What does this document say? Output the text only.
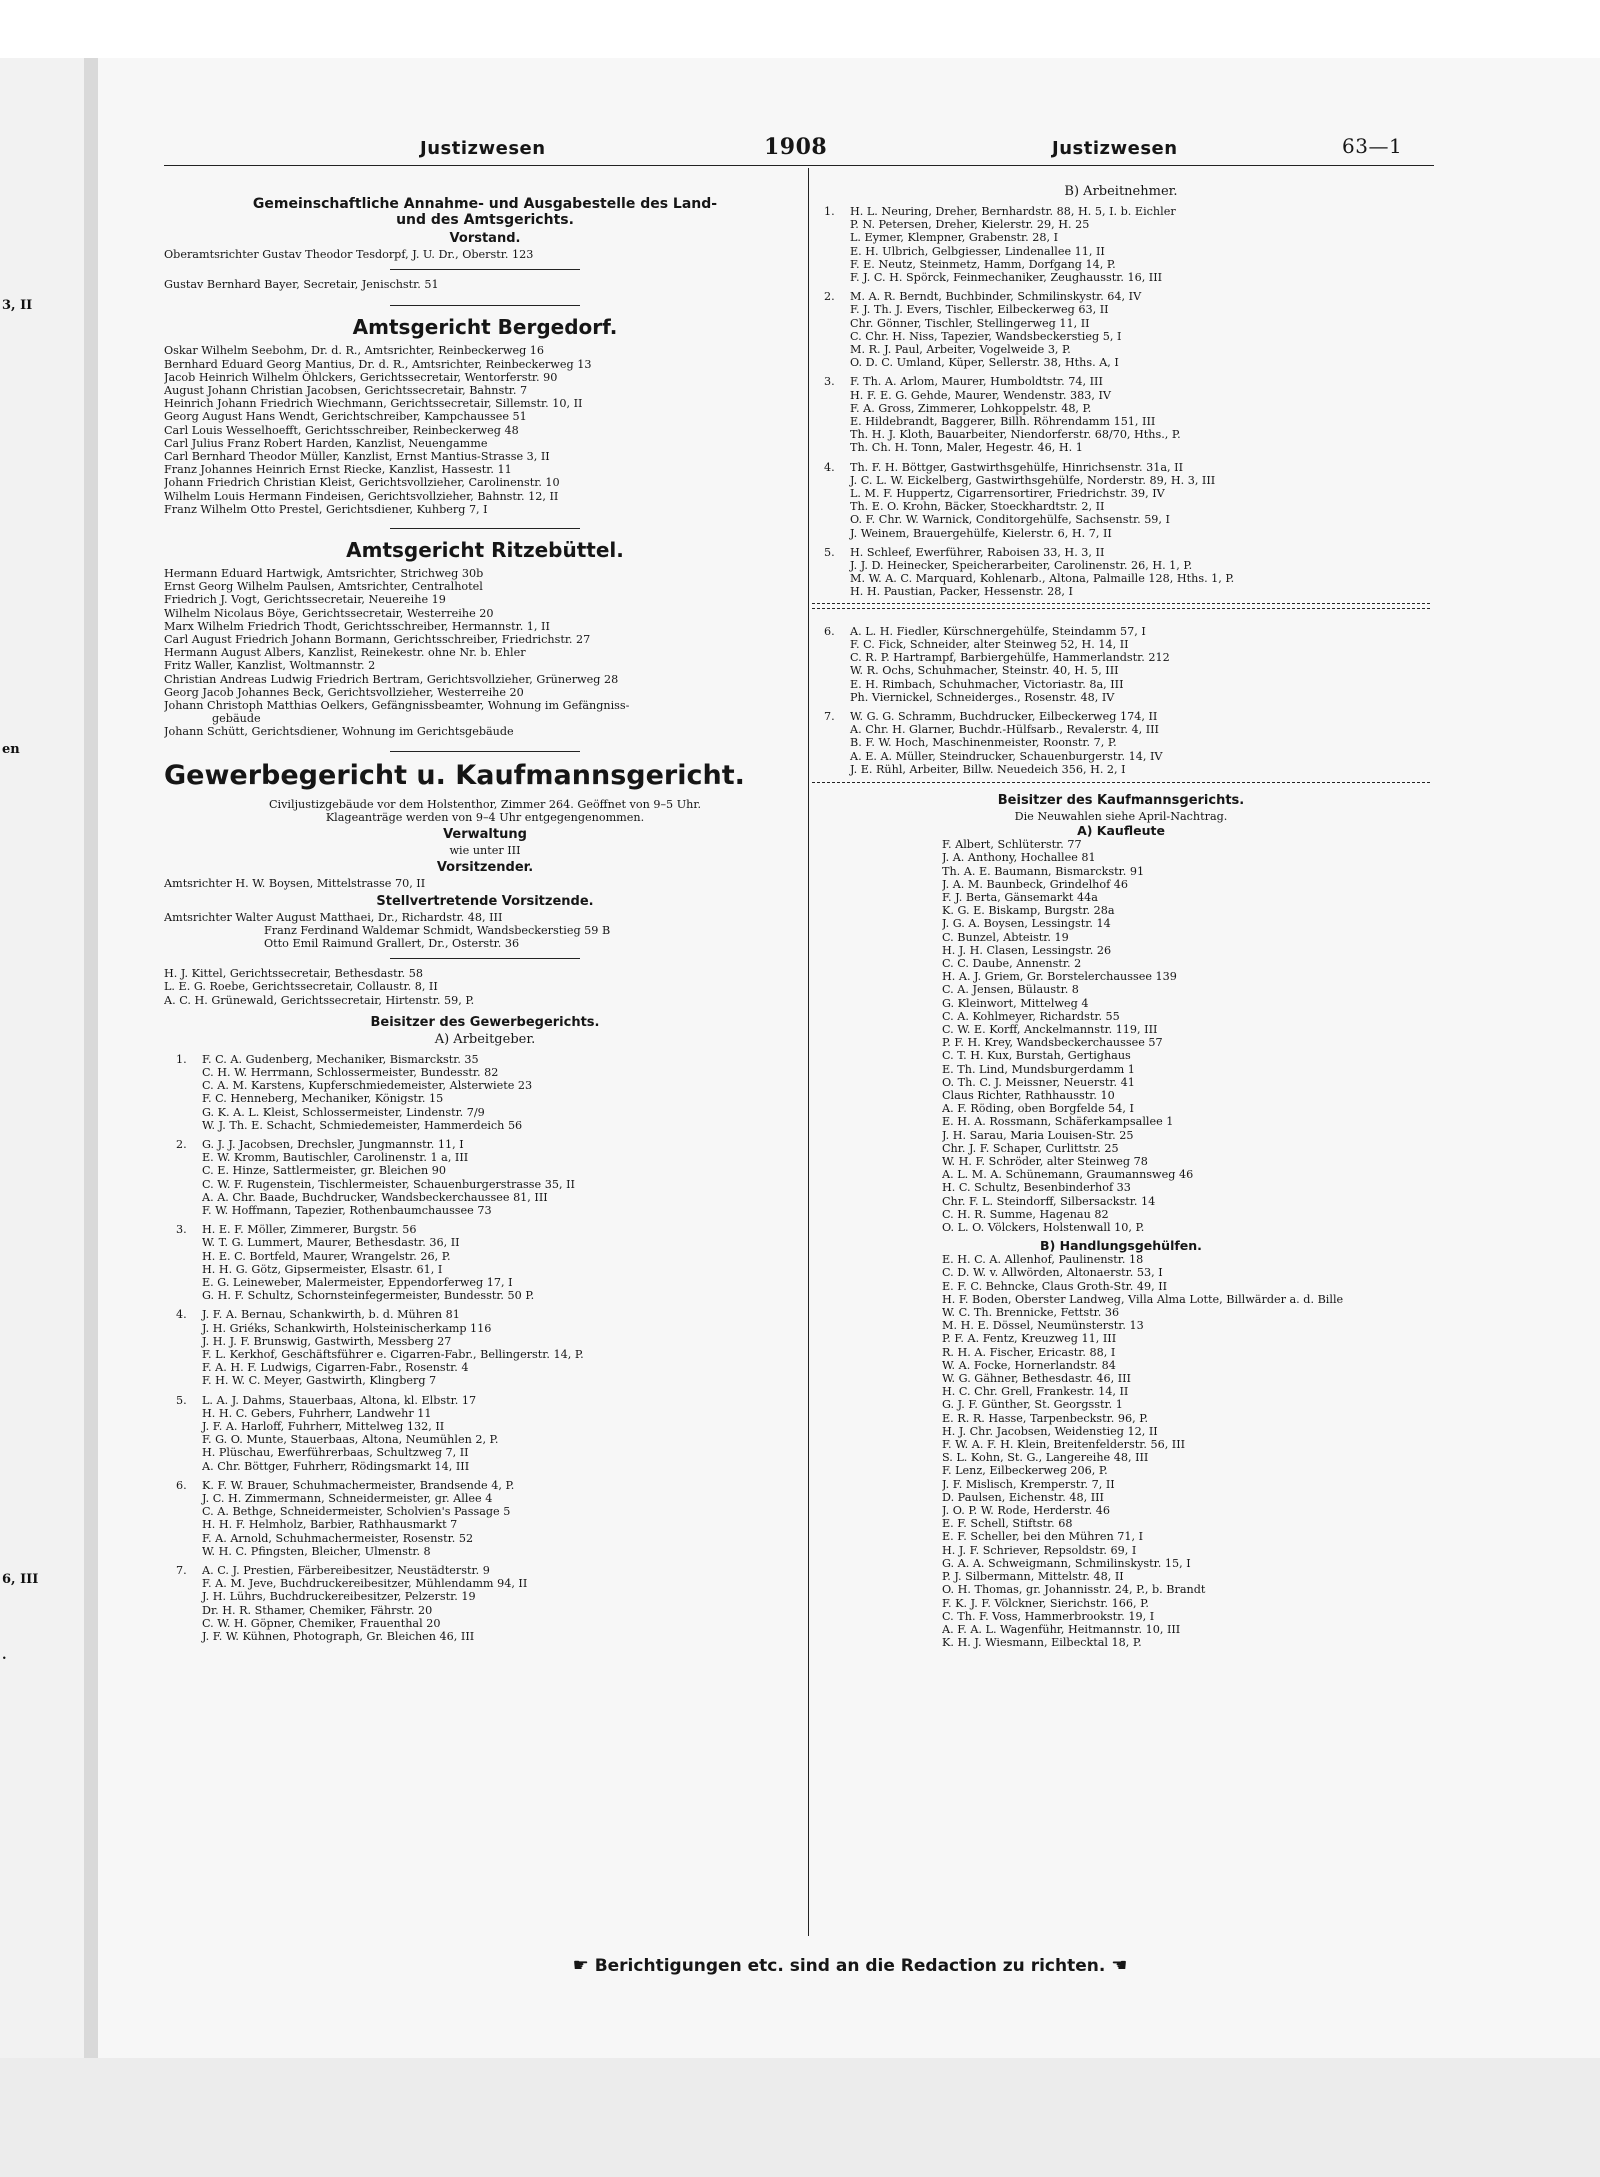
3, II
en
6, III
.
Justizwesen	1908	Justizwesen	63—1
Gemeinschaftliche Annahme- und Ausgabestelle des Land-
und des Amtsgerichts.
Vorstand.
Oberamtsrichter Gustav Theodor Tesdorpf, J. U. Dr., Oberstr. 123
Gustav Bernhard Bayer, Secretair, Jenischstr. 51
Amtsgericht Bergedorf.
Oskar Wilhelm Seebohm, Dr. d. R., Amtsrichter, Reinbeckerweg 16
Bernhard Eduard Georg Mantius, Dr. d. R., Amtsrichter, Reinbeckerweg 13
Jacob Heinrich Wilhelm Öhlckers, Gerichtssecretair, Wentorferstr. 90
August Johann Christian Jacobsen, Gerichtssecretair, Bahnstr. 7
Heinrich Johann Friedrich Wiechmann, Gerichtssecretair, Sillemstr. 10, II
Georg August Hans Wendt, Gerichtschreiber, Kampchaussee 51
Carl Louis Wesselhoefft, Gerichtsschreiber, Reinbeckerweg 48
Carl Julius Franz Robert Harden, Kanzlist, Neuengamme
Carl Bernhard Theodor Müller, Kanzlist, Ernst Mantius-Strasse 3, II
Franz Johannes Heinrich Ernst Riecke, Kanzlist, Hassestr. 11
Johann Friedrich Christian Kleist, Gerichtsvollzieher, Carolinenstr. 10
Wilhelm Louis Hermann Findeisen, Gerichtsvollzieher, Bahnstr. 12, II
Franz Wilhelm Otto Prestel, Gerichtsdiener, Kuhberg 7, I
Amtsgericht Ritzebüttel.
Hermann Eduard Hartwigk, Amtsrichter, Strichweg 30b
Ernst Georg Wilhelm Paulsen, Amtsrichter, Centralhotel
Friedrich J. Vogt, Gerichtssecretair, Neuereihe 19
Wilhelm Nicolaus Böye, Gerichtssecretair, Westerreihe 20
Marx Wilhelm Friedrich Thodt, Gerichtsschreiber, Hermannstr. 1, II
Carl August Friedrich Johann Bormann, Gerichtsschreiber, Friedrichstr. 27
Hermann August Albers, Kanzlist, Reinekestr. ohne Nr. b. Ehler
Fritz Waller, Kanzlist, Woltmannstr. 2
Christian Andreas Ludwig Friedrich Bertram, Gerichtsvollzieher, Grünerweg 28
Georg Jacob Johannes Beck, Gerichtsvollzieher, Westerreihe 20
Johann Christoph Matthias Oelkers, Gefängnissbeamter, Wohnung im Gefängniss-
gebäude
Johann Schütt, Gerichtsdiener, Wohnung im Gerichtsgebäude
Gewerbegericht u. Kaufmannsgericht.
Civiljustizgebäude vor dem Holstenthor, Zimmer 264. Geöffnet von 9–5 Uhr.
Klageanträge werden von 9–4 Uhr entgegengenommen.
Verwaltung
wie unter III
Vorsitzender.
Amtsrichter H. W. Boysen, Mittelstrasse 70, II
Stellvertretende Vorsitzende.
Amtsrichter Walter August Matthaei, Dr., Richardstr. 48, III
Franz Ferdinand Waldemar Schmidt, Wandsbeckerstieg 59 B
Otto Emil Raimund Grallert, Dr., Osterstr. 36
H. J. Kittel, Gerichtssecretair, Bethesdastr. 58
L. E. G. Roebe, Gerichtssecretair, Collaustr. 8, II
A. C. H. Grünewald, Gerichtssecretair, Hirtenstr. 59, P.
Beisitzer des Gewerbegerichts.
A) Arbeitgeber.
1. F. C. A. Gudenberg, Mechaniker, Bismarckstr. 35
C. H. W. Herrmann, Schlossermeister, Bundesstr. 82
C. A. M. Karstens, Kupferschmiedemeister, Alsterwiete 23
F. C. Henneberg, Mechaniker, Königstr. 15
G. K. A. L. Kleist, Schlossermeister, Lindenstr. 7/9
W. J. Th. E. Schacht, Schmiedemeister, Hammerdeich 56
2. G. J. J. Jacobsen, Drechsler, Jungmannstr. 11, I
E. W. Kromm, Bautischler, Carolinenstr. 1 a, III
C. E. Hinze, Sattlermeister, gr. Bleichen 90
C. W. F. Rugenstein, Tischlermeister, Schauenburgerstrasse 35, II
A. A. Chr. Baade, Buchdrucker, Wandsbeckerchaussee 81, III
F. W. Hoffmann, Tapezier, Rothenbaumchaussee 73
3. H. E. F. Möller, Zimmerer, Burgstr. 56
W. T. G. Lummert, Maurer, Bethesdastr. 36, II
H. E. C. Bortfeld, Maurer, Wrangelstr. 26, P.
H. H. G. Götz, Gipsermeister, Elsastr. 61, I
E. G. Leineweber, Malermeister, Eppendorferweg 17, I
G. H. F. Schultz, Schornsteinfegermeister, Bundesstr. 50 P.
4. J. F. A. Bernau, Schankwirth, b. d. Mühren 81
J. H. Griéks, Schankwirth, Holsteinischerkamp 116
J. H. J. F. Brunswig, Gastwirth, Messberg 27
F. L. Kerkhof, Geschäftsführer e. Cigarren-Fabr., Bellingerstr. 14, P.
F. A. H. F. Ludwigs, Cigarren-Fabr., Rosenstr. 4
F. H. W. C. Meyer, Gastwirth, Klingberg 7
5. L. A. J. Dahms, Stauerbaas, Altona, kl. Elbstr. 17
H. H. C. Gebers, Fuhrherr, Landwehr 11
J. F. A. Harloff, Fuhrherr, Mittelweg 132, II
F. G. O. Munte, Stauerbaas, Altona, Neumühlen 2, P.
H. Plüschau, Ewerführerbaas, Schultzweg 7, II
A. Chr. Böttger, Fuhrherr, Rödingsmarkt 14, III
6. K. F. W. Brauer, Schuhmachermeister, Brandsende 4, P.
J. C. H. Zimmermann, Schneidermeister, gr. Allee 4
C. A. Bethge, Schneidermeister, Scholvien's Passage 5
H. H. F. Helmholz, Barbier, Rathhausmarkt 7
F. A. Arnold, Schuhmachermeister, Rosenstr. 52
W. H. C. Pfingsten, Bleicher, Ulmenstr. 8
7. A. C. J. Prestien, Färbereibesitzer, Neustädterstr. 9
F. A. M. Jeve, Buchdruckereibesitzer, Mühlendamm 94, II
J. H. Lührs, Buchdruckereibesitzer, Pelzerstr. 19
Dr. H. R. Sthamer, Chemiker, Fährstr. 20
C. W. H. Göpner, Chemiker, Frauenthal 20
J. F. W. Kühnen, Photograph, Gr. Bleichen 46, III
B) Arbeitnehmer.
1. H. L. Neuring, Dreher, Bernhardstr. 88, H. 5, I. b. Eichler
P. N. Petersen, Dreher, Kielerstr. 29, H. 25
L. Eymer, Klempner, Grabenstr. 28, I
E. H. Ulbrich, Gelbgiesser, Lindenallee 11, II
F. E. Neutz, Steinmetz, Hamm, Dorfgang 14, P.
F. J. C. H. Spörck, Feinmechaniker, Zeughausstr. 16, III
2. M. A. R. Berndt, Buchbinder, Schmilinskystr. 64, IV
F. J. Th. J. Evers, Tischler, Eilbeckerweg 63, II
Chr. Gönner, Tischler, Stellingerweg 11, II
C. Chr. H. Niss, Tapezier, Wandsbeckerstieg 5, I
M. R. J. Paul, Arbeiter, Vogelweide 3, P.
O. D. C. Umland, Küper, Sellerstr. 38, Hths. A, I
3. F. Th. A. Arlom, Maurer, Humboldtstr. 74, III
H. F. E. G. Gehde, Maurer, Wendenstr. 383, IV
F. A. Gross, Zimmerer, Lohkoppelstr. 48, P.
E. Hildebrandt, Baggerer, Billh. Röhrendamm 151, III
Th. H. J. Kloth, Bauarbeiter, Niendorferstr. 68/70, Hths., P.
Th. Ch. H. Tonn, Maler, Hegestr. 46, H. 1
4. Th. F. H. Böttger, Gastwirthsgehülfe, Hinrichsenstr. 31a, II
J. C. L. W. Eickelberg, Gastwirthsgehülfe, Norderstr. 89, H. 3, III
L. M. F. Huppertz, Cigarrensortirer, Friedrichstr. 39, IV
Th. E. O. Krohn, Bäcker, Stoeckhardtstr. 2, II
O. F. Chr. W. Warnick, Conditorgehülfe, Sachsenstr. 59, I
J. Weinem, Brauergehülfe, Kielerstr. 6, H. 7, II
5. H. Schleef, Ewerführer, Raboisen 33, H. 3, II
J. J. D. Heinecker, Speicherarbeiter, Carolinenstr. 26, H. 1, P.
M. W. A. C. Marquard, Kohlenarb., Altona, Palmaille 128, Hths. 1, P.
H. H. Paustian, Packer, Hessenstr. 28, I
6. A. L. H. Fiedler, Kürschnergehülfe, Steindamm 57, I
F. C. Fick, Schneider, alter Steinweg 52, H. 14, II
C. R. P. Hartrampf, Barbiergehülfe, Hammerlandstr. 212
W. R. Ochs, Schuhmacher, Steinstr. 40, H. 5, III
E. H. Rimbach, Schuhmacher, Victoriastr. 8a, III
Ph. Viernickel, Schneiderges., Rosenstr. 48, IV
7. W. G. G. Schramm, Buchdrucker, Eilbeckerweg 174, II
A. Chr. H. Glarner, Buchdr.-Hülfsarb., Revalerstr. 4, III
B. F. W. Hoch, Maschinenmeister, Roonstr. 7, P.
A. E. A. Müller, Steindrucker, Schauenburgerstr. 14, IV
J. E. Rühl, Arbeiter, Billw. Neuedeich 356, H. 2, I
Beisitzer des Kaufmannsgerichts.
Die Neuwahlen siehe April-Nachtrag.
A) Kaufleute
F. Albert, Schlüterstr. 77
J. A. Anthony, Hochallee 81
Th. A. E. Baumann, Bismarckstr. 91
J. A. M. Baunbeck, Grindelhof 46
F. J. Berta, Gänsemarkt 44a
K. G. E. Biskamp, Burgstr. 28a
J. G. A. Boysen, Lessingstr. 14
C. Bunzel, Abteistr. 19
H. J. H. Clasen, Lessingstr. 26
C. C. Daube, Annenstr. 2
H. A. J. Griem, Gr. Borstelerchaussee 139
C. A. Jensen, Bülaustr. 8
G. Kleinwort, Mittelweg 4
C. A. Kohlmeyer, Richardstr. 55
C. W. E. Korff, Anckelmannstr. 119, III
P. F. H. Krey, Wandsbeckerchaussee 57
C. T. H. Kux, Burstah, Gertighaus
E. Th. Lind, Mundsburgerdamm 1
O. Th. C. J. Meissner, Neuerstr. 41
Claus Richter, Rathhausstr. 10
A. F. Röding, oben Borgfelde 54, I
E. H. A. Rossmann, Schäferkampsallee 1
J. H. Sarau, Maria Louisen-Str. 25
Chr. J. F. Schaper, Curlittstr. 25
W. H. F. Schröder, alter Steinweg 78
A. L. M. A. Schünemann, Graumannsweg 46
H. C. Schultz, Besenbinderhof 33
Chr. F. L. Steindorff, Silbersackstr. 14
C. H. R. Summe, Hagenau 82
O. L. O. Völckers, Holstenwall 10, P.
B) Handlungsgehülfen.
E. H. C. A. Allenhof, Paulinenstr. 18
C. D. W. v. Allwörden, Altonaerstr. 53, I
E. F. C. Behncke, Claus Groth-Str. 49, II
H. F. Boden, Oberster Landweg, Villa Alma Lotte, Billwärder a. d. Bille
W. C. Th. Brennicke, Fettstr. 36
M. H. E. Dössel, Neumünsterstr. 13
P. F. A. Fentz, Kreuzweg 11, III
R. H. A. Fischer, Ericastr. 88, I
W. A. Focke, Hornerlandstr. 84
W. G. Gähner, Bethesdastr. 46, III
H. C. Chr. Grell, Frankestr. 14, II
G. J. F. Günther, St. Georgsstr. 1
E. R. R. Hasse, Tarpenbeckstr. 96, P.
H. J. Chr. Jacobsen, Weidenstieg 12, II
F. W. A. F. H. Klein, Breitenfelderstr. 56, III
S. L. Kohn, St. G., Langereihe 48, III
F. Lenz, Eilbeckerweg 206, P.
J. F. Mislisch, Kremperstr. 7, II
D. Paulsen, Eichenstr. 48, III
J. O. P. W. Rode, Herderstr. 46
E. F. Schell, Stiftstr. 68
E. F. Scheller, bei den Mühren 71, I
H. J. F. Schriever, Repsoldstr. 69, I
G. A. A. Schweigmann, Schmilinskystr. 15, I
P. J. Silbermann, Mittelstr. 48, II
O. H. Thomas, gr. Johannisstr. 24, P., b. Brandt
F. K. J. F. Völckner, Sierichstr. 166, P.
C. Th. F. Voss, Hammerbrookstr. 19, I
A. F. A. L. Wagenführ, Heitmannstr. 10, III
K. H. J. Wiesmann, Eilbecktal 18, P.
☛ Berichtigungen etc. sind an die Redaction zu richten. ☚
